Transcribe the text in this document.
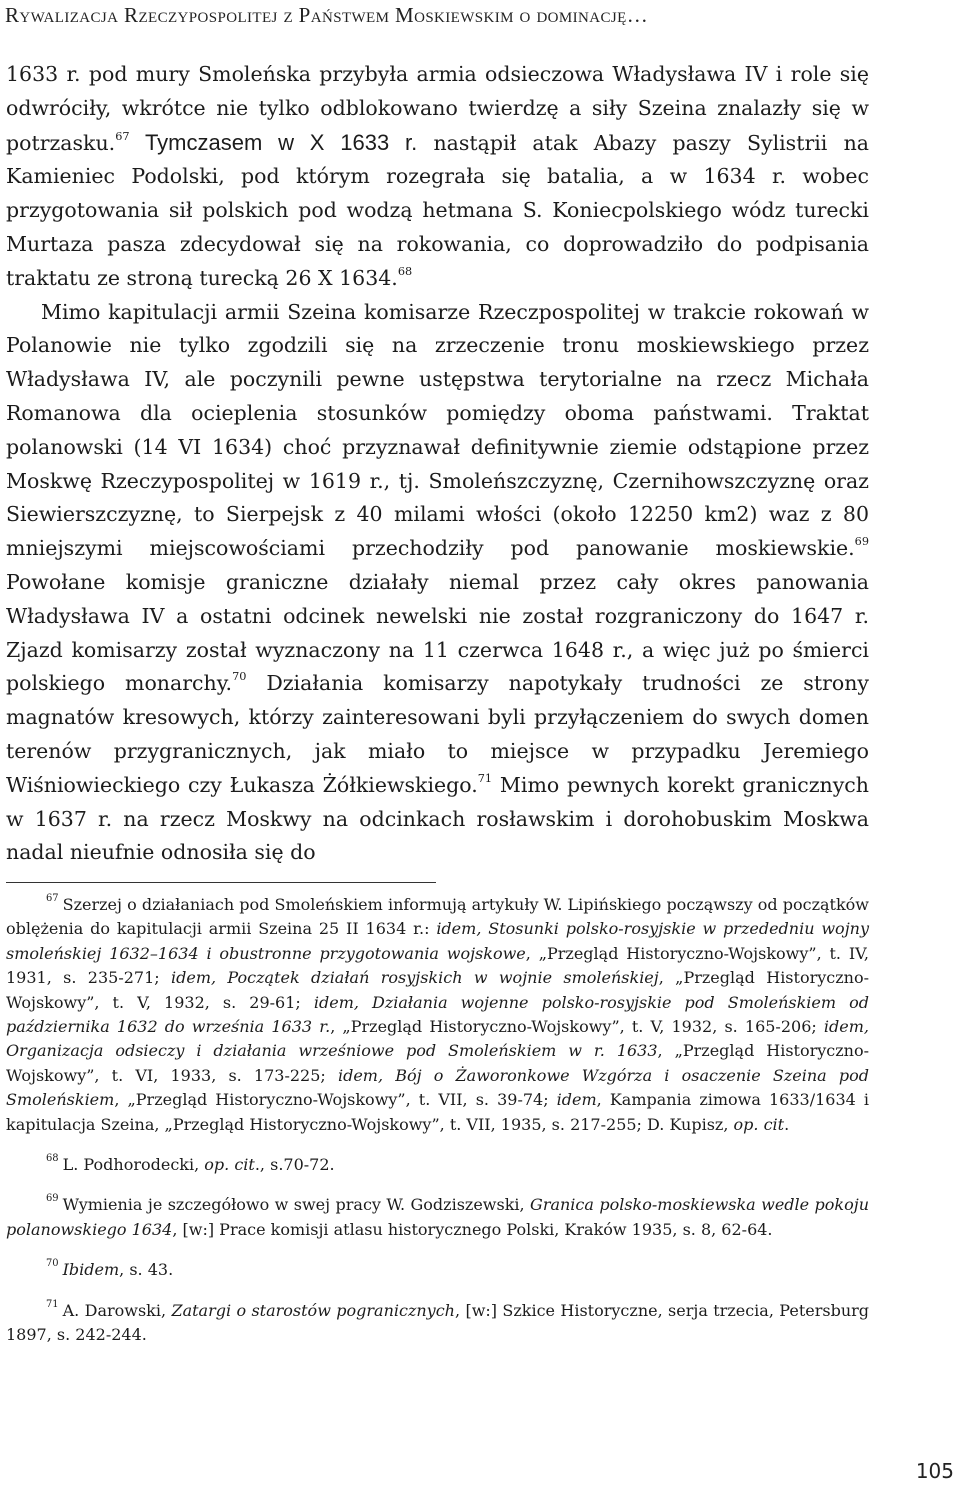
Rywalizacja Rzeczypospolitej z Państwem Moskiewskim o dominację…

1633 r. pod mury Smoleńska przybyła armia odsieczowa Władysława IV i role się odwróciły, wkrótce nie tylko odblokowano twierdzę a siły Szeina znalazły się w potrzasku.$^{67}$ Tymczasem w X 1633 r. nastąpił atak Abazy paszy Sylistrii na Kamieniec Podolski, pod którym rozegrała się batalia, a w 1634 r. wobec przygotowania sił polskich pod wodzą hetmana S. Koniecpolskiego wódz turecki Murtaza pasza zdecydował się na rokowania, co doprowadziło do podpisania traktatu ze stroną turecką 26 X 1634.68

Mimo kapitulacji armii Szeina komisarze Rzeczpospolitej w trakcie rokowań w Polanowie nie tylko zgodzili się na zrzeczenie tronu moskiewskiego przez Władysława IV, ale poczynili pewne ustępstwa terytorialne na rzecz Michała Romanowa dla ocieplenia stosunków pomiędzy oboma państwami. Traktat polanowski (14 VI 1634) choć przyznawał definitywnie ziemie odstąpione przez Moskwę Rzeczypospolitej w 1619 r., tj. Smoleńszczyznę, Czernihowszczyznę oraz Siewierszczyznę, to Sierpejsk z 40 milami włości (około 12250 km2) waz z 80 mniejszymi miejscowościami przechodziły pod panowanie moskiewskie.$^{69}$ Powołane komisje graniczne działały niemal przez cały okres panowania Władysława IV a ostatni odcinek newelski nie został rozgraniczony do 1647 r. Zjazd komisarzy został wyznaczony na 11 czerwca 1648 r., a więc już po śmierci polskiego monarchy.$^{70}$ Działania komisarzy napotykały trudności ze strony magnatów kresowych, którzy zainteresowani byli przyłączeniem do swych domen terenów przygranicznych, jak miało to miejsce w przypadku Jeremiego Wiśniowieckiego czy Łukasza Żółkiewskiego.$^{71}$ Mimo pewnych korekt granicznych w 1637 r. na rzecz Moskwy na odcinkach rosławskim i dorohobuskim Moskwa nadal nieufnie odnosiła się do

$^{67}$ Szerzej o działaniach pod Smoleńskiem informują artykuły W. Lipińskiego począwszy od początków oblężenia do kapitulacji armii Szeina 25 II 1634 r.: idem, Stosunki polsko-rosyjskie w przededniu wojny smoleńskiej 1632–1634 i obustronne przygotowania wojskowe, „Przegląd Historyczno-Wojskowy”, t. IV, 1931, s. 235-271; idem, Początek działań rosyjskich w wojnie smoleńskiej, „Przegląd Historyczno-Wojskowy”, t. V, 1932, s. 29-61; idem, Działania wojenne polsko-rosyjskie pod Smoleńskiem od października 1632 do września 1633 r., „Przegląd Historyczno-Wojskowy”, t. V, 1932, s. 165-206; idem, Organizacja odsieczy i działania wrześniowe pod Smoleńskiem w r. 1633, „Przegląd Historyczno-Wojskowy”, t. VI, 1933, s. 173-225; idem, Bój o Żaworonkowe Wzgórza i osaczenie Szeina pod Smoleńskiem, „Przegląd Historyczno-Wojskowy”, t. VII, s. 39-74; idem, Kampania zimowa 1633/1634 i kapitulacja Szeina, „Przegląd Historyczno-Wojskowy”, t. VII, 1935, s. 217-255; D. Kupisz, op. cit.

$^{68}$ L. Podhorodecki, op. cit., s.70-72.

$^{69}$ Wymienia je szczegółowo w swej pracy W. Godziszewski, Granica polsko-moskiewska wedle pokoju polanowskiego 1634, [w:] Prace komisji atlasu historycznego Polski, Kraków 1935, s. 8, 62-64.

$^{70}$ Ibidem, s. 43.

$^{71}$ A. Darowski, Zatargi o starostów pogranicznych, [w:] Szkice Historyczne, serja trzecia, Petersburg 1897, s. 242-244.

105
